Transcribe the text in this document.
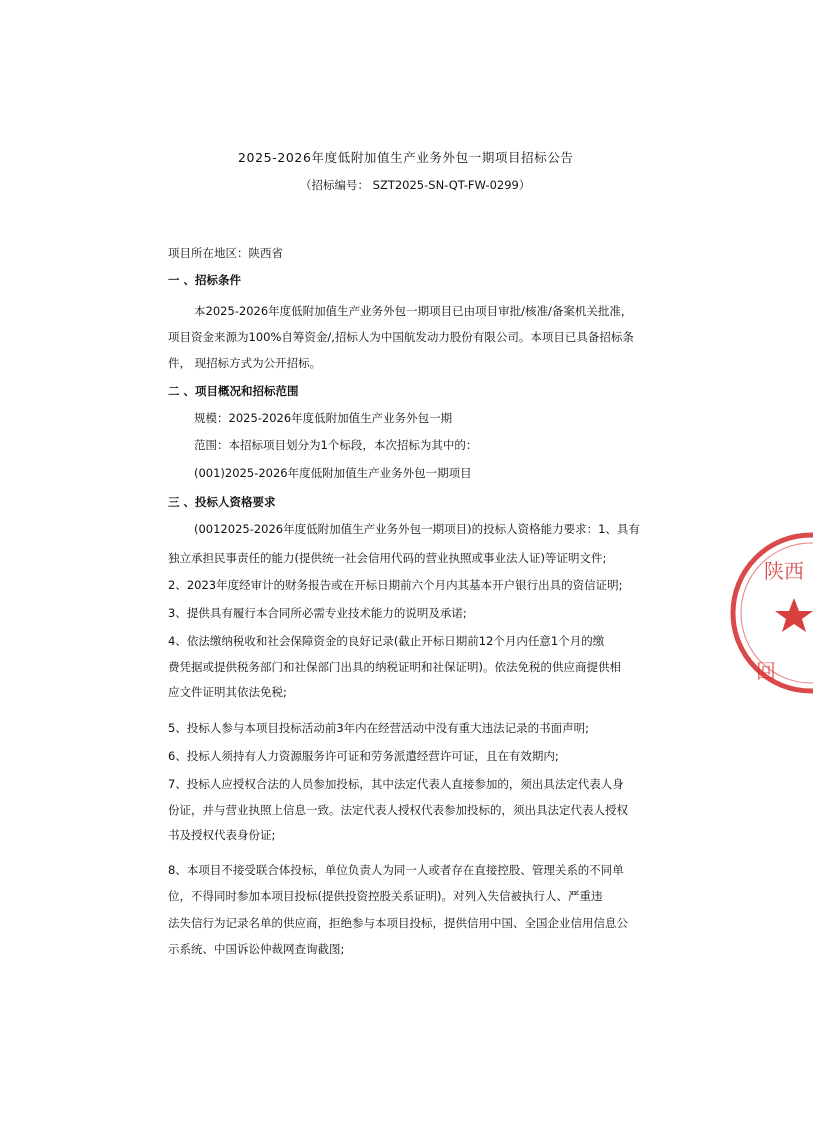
2025-2026年度低附加值生产业务外包一期项目招标公告
（招标编号： SZT2025-SN-QT-FW-0299）
项目所在地区：陕西省
一 、招标条件
本2025-2026年度低附加值生产业务外包一期项目已由项目审批/核准/备案机关批准，
项目资金来源为100%自筹资金/,招标人为中国航发动力股份有限公司。本项目已具备招标条
件， 现招标方式为公开招标。
二 、项目概况和招标范围
规模：2025-2026年度低附加值生产业务外包一期
范围：本招标项目划分为1个标段，本次招标为其中的：
(001)2025-2026年度低附加值生产业务外包一期项目
三 、投标人资格要求
(0012025-2026年度低附加值生产业务外包一期项目)的投标人资格能力要求：1、具有
独立承担民事责任的能力(提供统一社会信用代码的营业执照或事业法人证)等证明文件;
2、2023年度经审计的财务报告或在开标日期前六个月内其基本开户银行出具的资信证明;
3、提供具有履行本合同所必需专业技术能力的说明及承诺;
4、依法缴纳税收和社会保障资金的良好记录(截止开标日期前12个月内任意1个月的缴
费凭据或提供税务部门和社保部门出具的纳税证明和社保证明)。依法免税的供应商提供相
应文件证明其依法免税;
5、投标人参与本项目投标活动前3年内在经营活动中没有重大违法记录的书面声明;
6、投标人须持有人力资源服务许可证和劳务派遣经营许可证，且在有效期内;
7、投标人应授权合法的人员参加投标，其中法定代表人直接参加的，须出具法定代表人身
份证，并与营业执照上信息一致。法定代表人授权代表参加投标的，须出具法定代表人授权
书及授权代表身份证;
8、本项目不接受联合体投标，单位负责人为同一人或者存在直接控股、管理关系的不同单
位，不得同时参加本项目投标(提供投资控股关系证明)。对列入失信被执行人、严重违
法失信行为记录名单的供应商，拒绝参与本项目投标，提供信用中国、全国企业信用信息公
示系统、中国诉讼仲裁网查询截图;
陕西
回
